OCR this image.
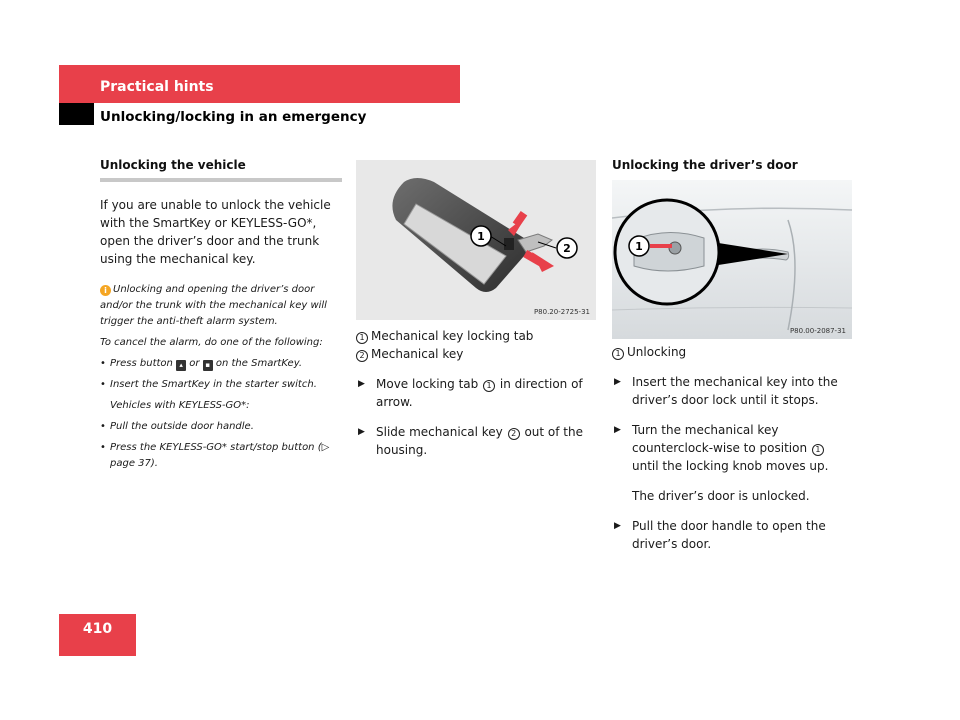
Practical hints
Unlocking/locking in an emergency
Unlocking the vehicle

If you are unable to unlock the vehicle with the SmartKey or KEYLESS-GO*, open the driver’s door and the trunk using the mechanical key.

i Unlocking and opening the driver’s door and/or the trunk with the mechanical key will trigger the anti-theft alarm system.

To cancel the alarm, do one of the following:

• Press button ▴ or ▪ on the SmartKey.

• Insert the SmartKey in the starter switch.

Vehicles with KEYLESS-GO*:

• Pull the outside door handle.

• Press the KEYLESS-GO* start/stop button (▷ page 37).

1
2
P80.20-2725-31
1 Mechanical key locking tab
2 Mechanical key

▶ Move locking tab 1 in direction of arrow.

▶ Slide mechanical key 2 out of the housing.

Unlocking the driver’s door
1
P80.00-2087-31
1 Unlocking

▶ Insert the mechanical key into the driver’s door lock until it stops.

▶ Turn the mechanical key counterclock-wise to position 1 until the locking knob moves up.

The driver’s door is unlocked.

▶ Pull the door handle to open the driver’s door.

410
